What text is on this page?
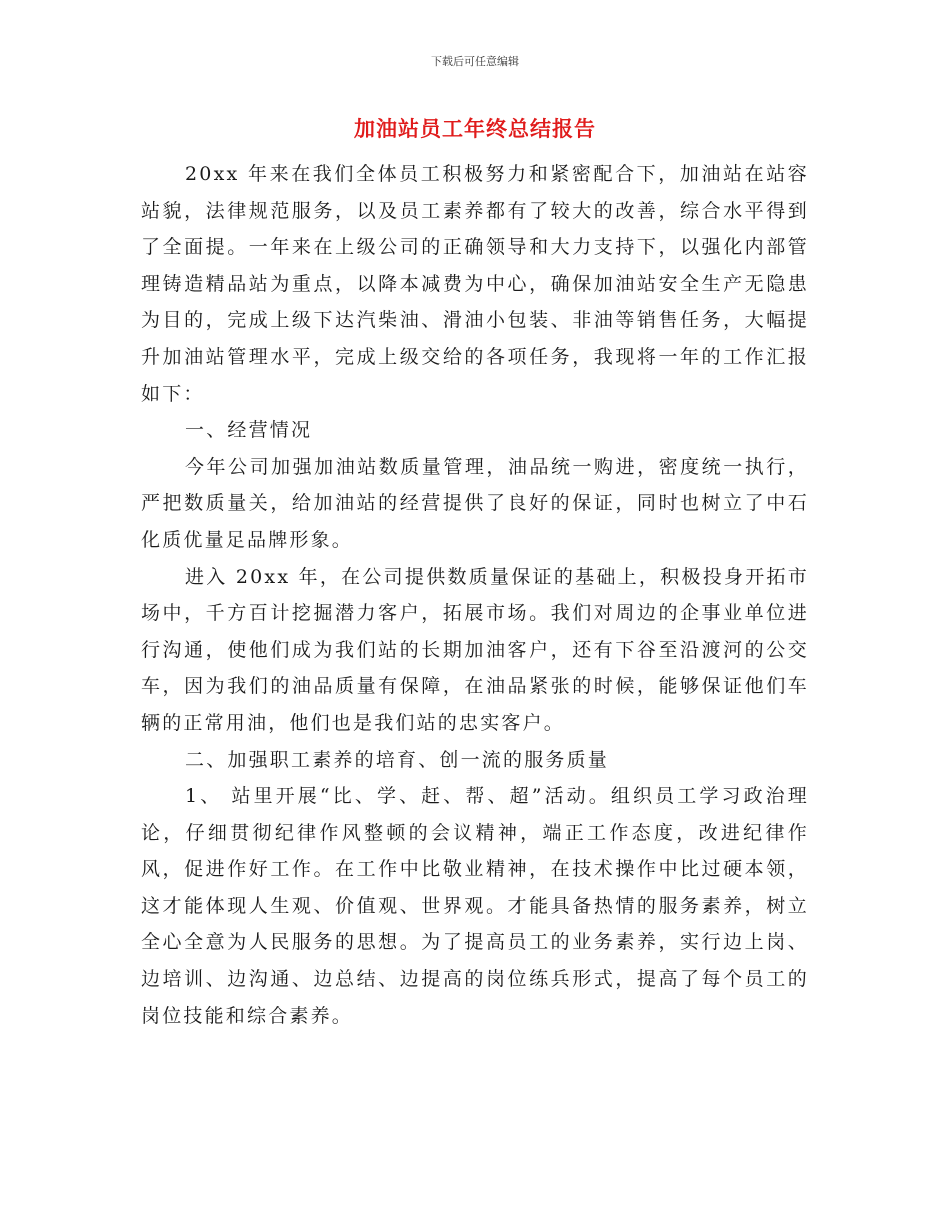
下载后可任意编辑
加油站员工年终总结报告

20xx 年来在我们全体员工积极努力和紧密配合下，加油站在站容站貌，法律规范服务，以及员工素养都有了较大的改善，综合水平得到了全面提。一年来在上级公司的正确领导和大力支持下，以强化内部管理铸造精品站为重点，以降本减费为中心，确保加油站安全生产无隐患为目的，完成上级下达汽柴油、滑油小包装、非油等销售任务，大幅提升加油站管理水平，完成上级交给的各项任务，我现将一年的工作汇报如下：

一、经营情况

今年公司加强加油站数质量管理，油品统一购进，密度统一执行，严把数质量关，给加油站的经营提供了良好的保证，同时也树立了中石化质优量足品牌形象。

进入 20xx 年，在公司提供数质量保证的基础上，积极投身开拓市场中，千方百计挖掘潜力客户，拓展市场。我们对周边的企事业单位进行沟通，使他们成为我们站的长期加油客户，还有下谷至沿渡河的公交车，因为我们的油品质量有保障，在油品紧张的时候，能够保证他们车辆的正常用油，他们也是我们站的忠实客户。

二、加强职工素养的培育、创一流的服务质量

1、 站里开展“比、学、赶、帮、超”活动。组织员工学习政治理论，仔细贯彻纪律作风整顿的会议精神，端正工作态度，改进纪律作风，促进作好工作。在工作中比敬业精神，在技术操作中比过硬本领，这才能体现人生观、价值观、世界观。才能具备热情的服务素养，树立全心全意为人民服务的思想。为了提高员工的业务素养，实行边上岗、边培训、边沟通、边总结、边提高的岗位练兵形式，提高了每个员工的岗位技能和综合素养。
